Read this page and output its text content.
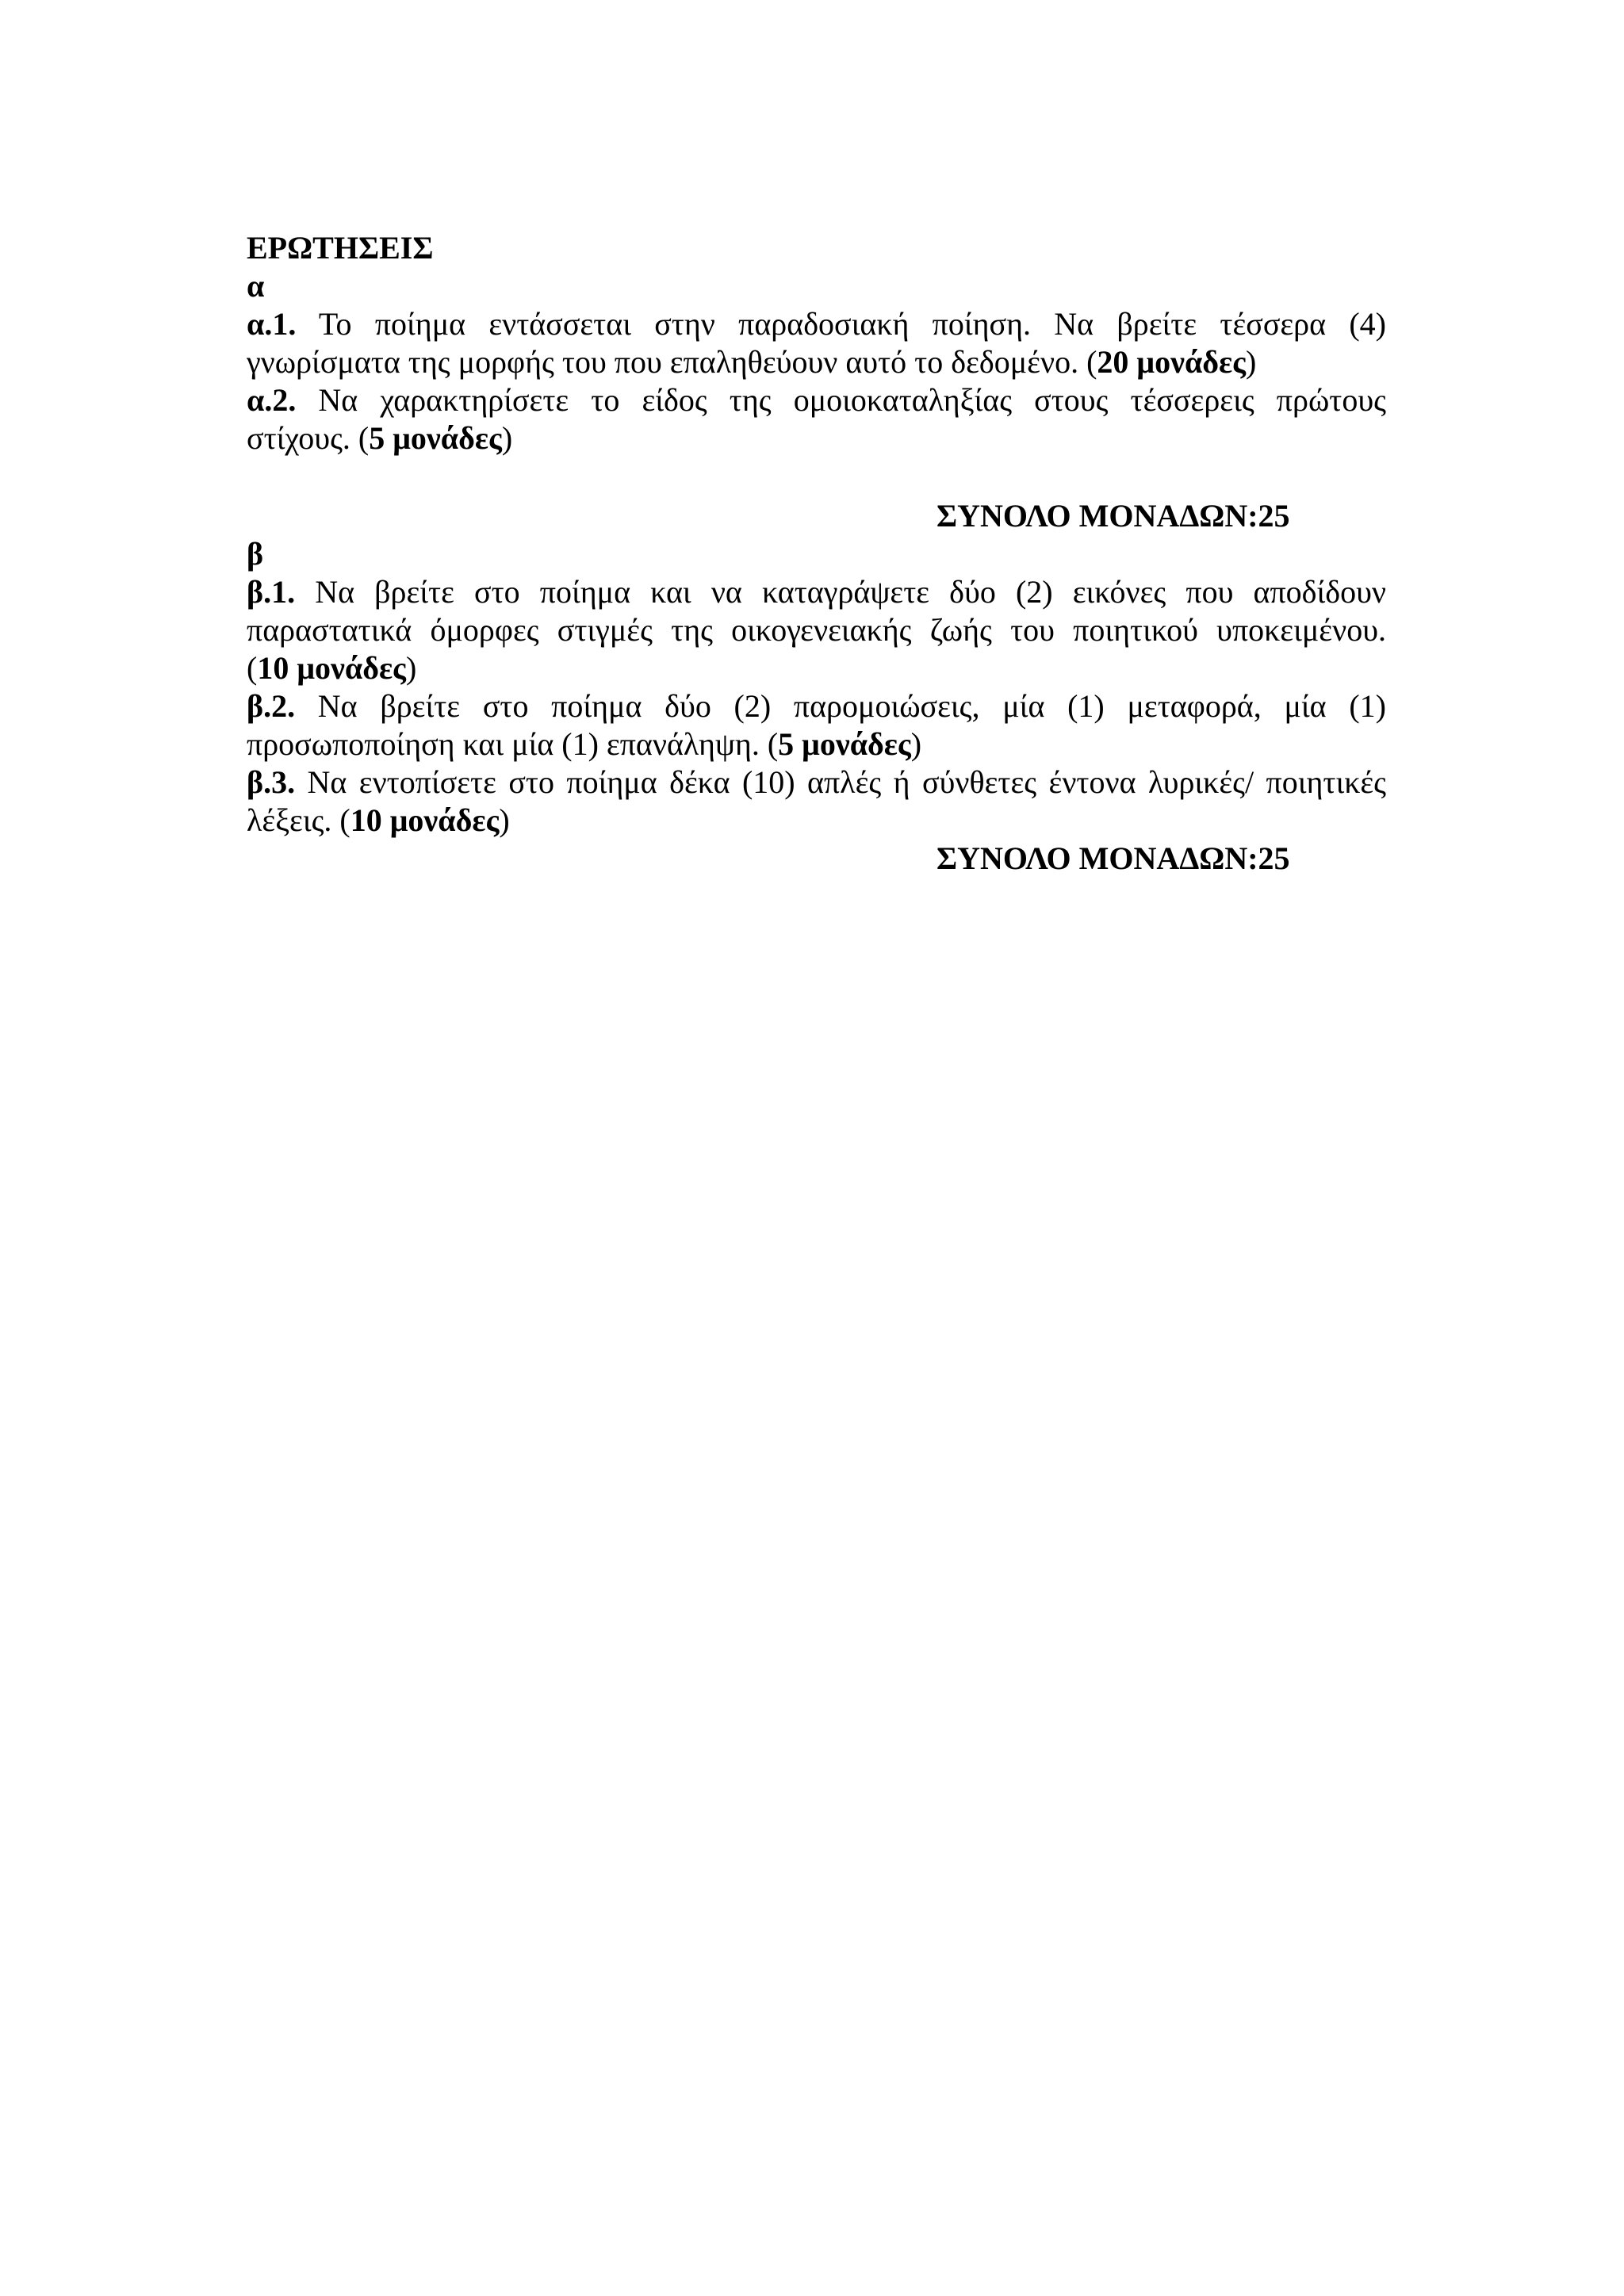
ΕΡΩΤΗΣΕΙΣ
α
α.1. Το ποίημα εντάσσεται στην παραδοσιακή ποίηση. Να βρείτε τέσσερα (4)
γνωρίσματα της μορφής του που επαληθεύουν αυτό το δεδομένο. (20 μονάδες)
α.2. Να χαρακτηρίσετε το είδος της ομοιοκαταληξίας στους τέσσερεις πρώτους
στίχους. (5 μονάδες)
ΣΥΝΟΛΟ ΜΟΝΑΔΩΝ:25
β
β.1. Να βρείτε στο ποίημα και να καταγράψετε δύο (2) εικόνες που αποδίδουν
παραστατικά όμορφες στιγμές της οικογενειακής ζωής του ποιητικού υποκειμένου.
(10 μονάδες)
β.2. Να βρείτε στο ποίημα δύο (2) παρομοιώσεις, μία (1) μεταφορά, μία (1)
προσωποποίηση και μία (1) επανάληψη. (5 μονάδες)
β.3. Να εντοπίσετε στο ποίημα δέκα (10) απλές ή σύνθετες έντονα λυρικές/ ποιητικές
λέξεις. (10 μονάδες)
ΣΥΝΟΛΟ ΜΟΝΑΔΩΝ:25
